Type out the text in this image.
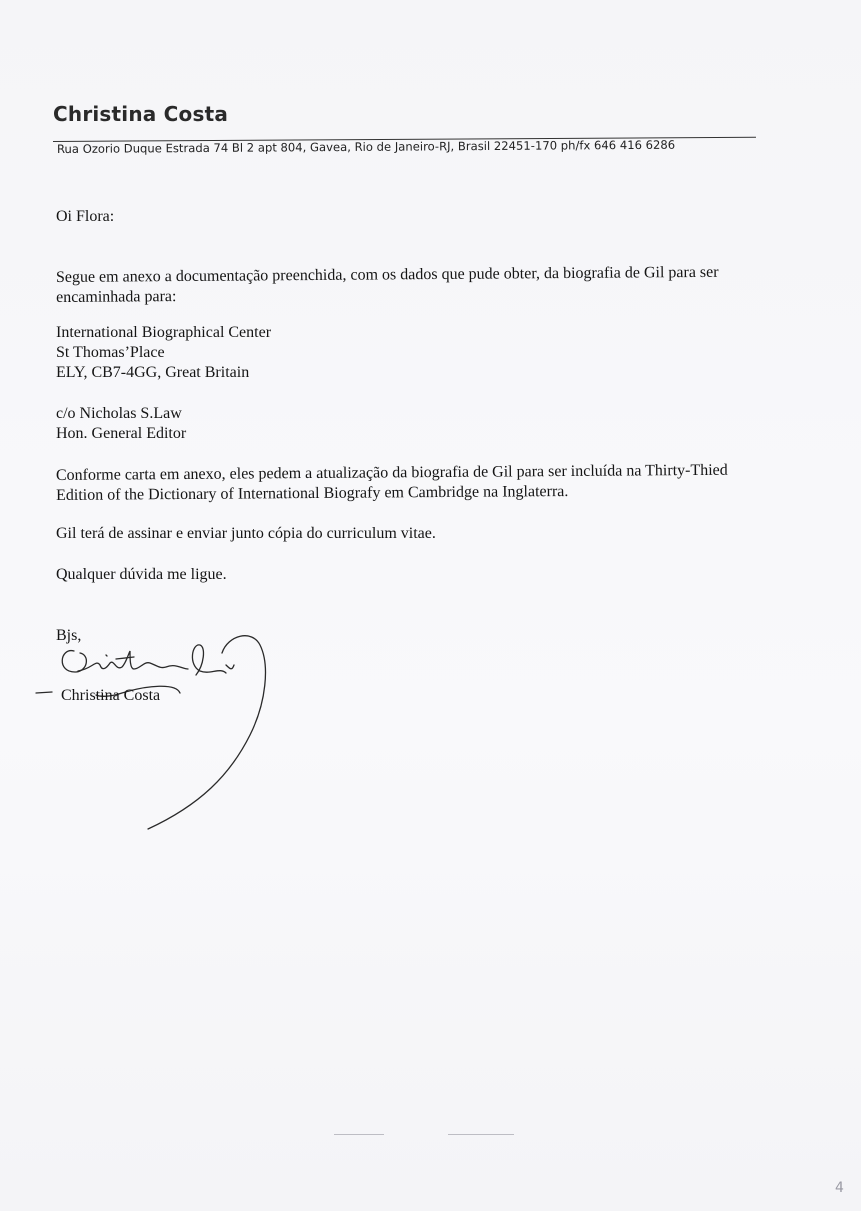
Christina Costa
Rua Ozorio Duque Estrada 74 Bl 2 apt 804, Gavea, Rio de Janeiro-RJ, Brasil 22451-170 ph/fx 646 416 6286
Oi Flora:
Segue em anexo a documentação preenchida, com os dados que pude obter, da biografia de Gil para ser
encaminhada para:
International Biographical Center
St Thomas’Place
ELY, CB7-4GG, Great Britain
c/o Nicholas S.Law
Hon. General Editor
Conforme carta em anexo, eles pedem a atualização da biografia de Gil para ser incluída na Thirty-Thied
Edition of the Dictionary of International Biografy em Cambridge na Inglaterra.
Gil terá de assinar e enviar junto cópia do curriculum vitae.
Qualquer dúvida me ligue.
Bjs,
Christina Costa
4
